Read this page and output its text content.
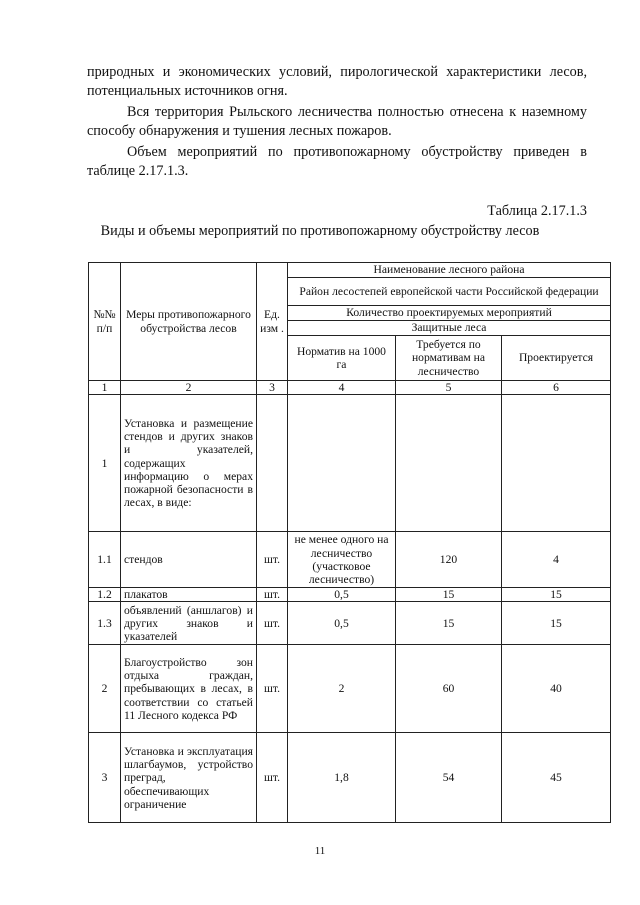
природных и экономических условий, пирологической характеристики лесов, потенциальных источников огня.

Вся территория Рыльского лесничества полностью отнесена к наземному способу обнаружения и тушения лесных пожаров.

Объем мероприятий по противопожарному обустройству приведен в таблице 2.17.1.3.

Таблица 2.17.1.3
Виды и объемы мероприятий по противопожарному обустройству лесов
№№ п/п	Меры противопожарного обустройства лесов	Ед. изм .	Наименование лесного района		
			Район лесостепей европейской части Российской федерации		
			Количество проектируемых мероприятий		
			Защитные леса		
			Норматив на 1000 га	Требуется по нормативам на лесничество	Проектируется
1	2	3	4	5	6
1	Установка и размещение стендов и других знаков и указателей, содержащих информацию о мерах пожарной безопасности в лесах, в виде:				
1.1	стендов	шт.	не менее одного на лесничество (участковое лесничество)	120	4
1.2	плакатов	шт.	0,5	15	15
1.3	объявлений (аншлагов) и других знаков и указателей	шт.	0,5	15	15
2	Благоустройство зон отдыха граждан, пребывающих в лесах, в соответствии со статьей 11 Лесного кодекса РФ	шт.	2	60	40
3	Установка и эксплуатация шлагбаумов, устройство преград, обеспечивающих ограничение	шт.	1,8	54	45
11
